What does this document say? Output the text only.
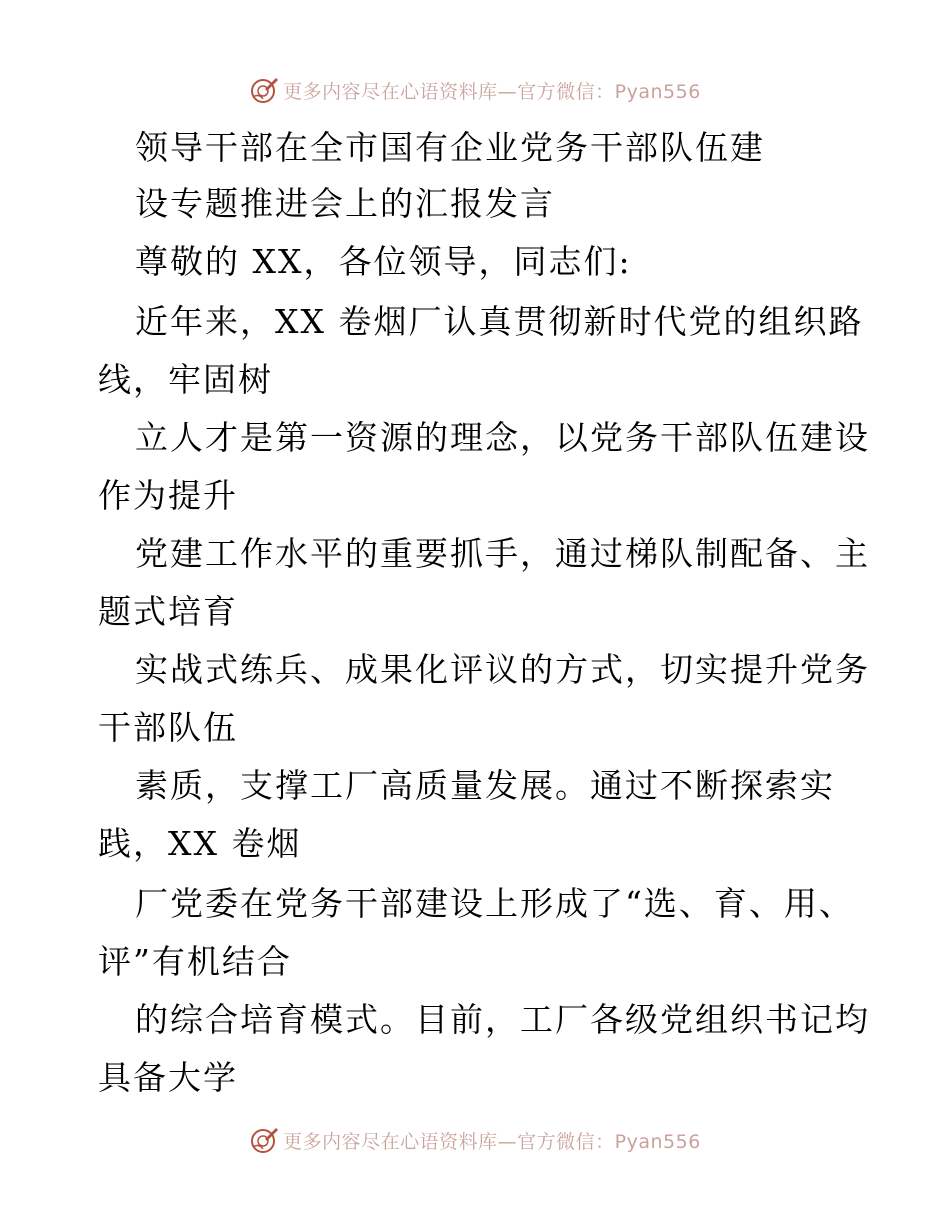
更多内容尽在心语资料库—官方微信：Pyan556
领导干部在全市国有企业党务干部队伍建
设专题推进会上的汇报发言
尊敬的 XX，各位领导，同志们:
近年来，XX 卷烟厂认真贯彻新时代党的组织路
线，牢固树
立人才是第一资源的理念，以党务干部队伍建设
作为提升
党建工作水平的重要抓手，通过梯队制配备、主
题式培育
实战式练兵、成果化评议的方式，切实提升党务
干部队伍
素质，支撑工厂高质量发展。通过不断探索实
践，XX 卷烟
厂党委在党务干部建设上形成了“选、育、用、
评”有机结合
的综合培育模式。目前，工厂各级党组织书记均
具备大学
更多内容尽在心语资料库—官方微信：Pyan556
